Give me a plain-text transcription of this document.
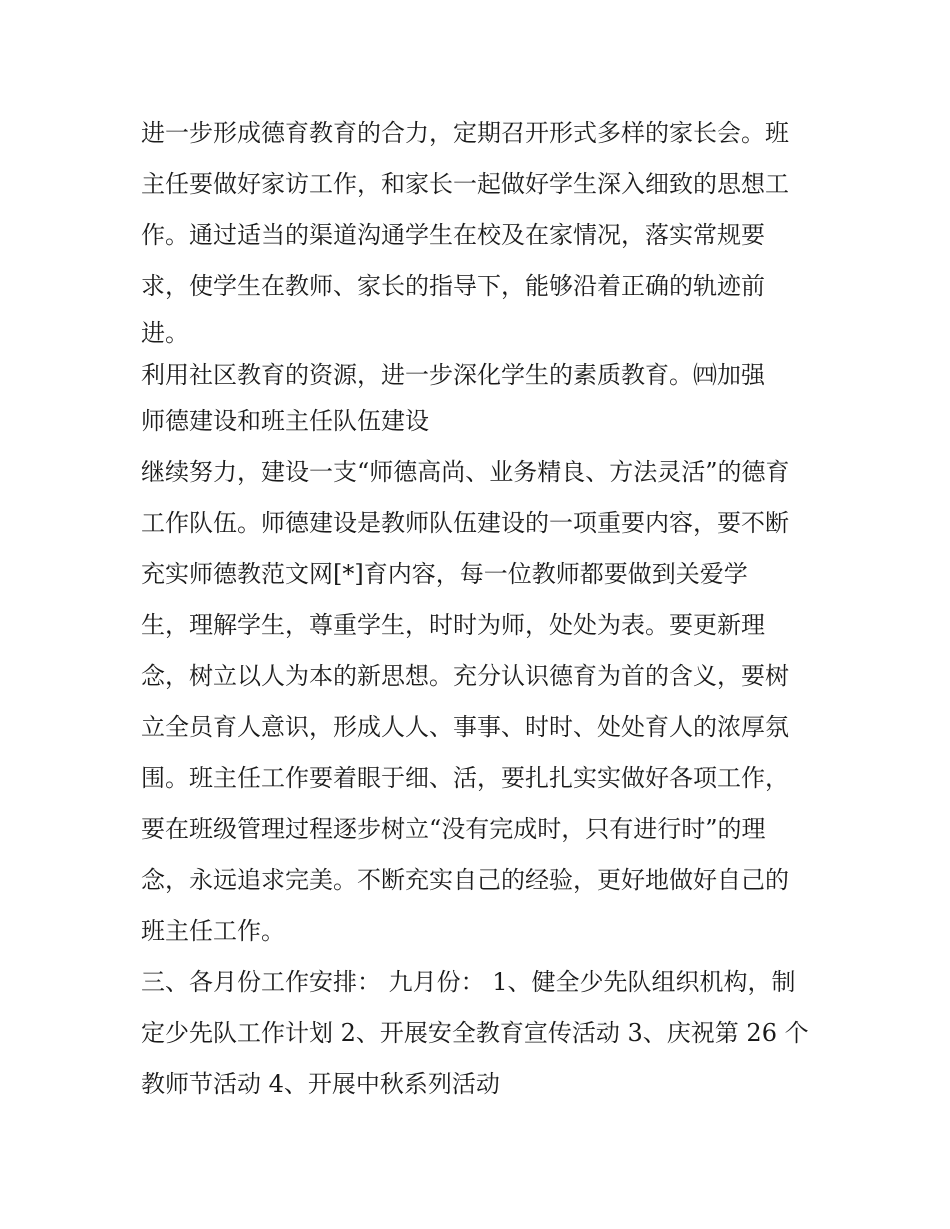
进一步形成德育教育的合力，定期召开形式多样的家长会。班
主任要做好家访工作，和家长一起做好学生深入细致的思想工
作。通过适当的渠道沟通学生在校及在家情况，落实常规要
求，使学生在教师、家长的指导下，能够沿着正确的轨迹前
进。
利用社区教育的资源，进一步深化学生的素质教育。㈣加强
师德建设和班主任队伍建设
继续努力，建设一支“师德高尚、业务精良、方法灵活”的德育
工作队伍。师德建设是教师队伍建设的一项重要内容，要不断
充实师德教范文网[*]育内容，每一位教师都要做到关爱学
生，理解学生，尊重学生，时时为师，处处为表。要更新理
念，树立以人为本的新思想。充分认识德育为首的含义，要树
立全员育人意识，形成人人、事事、时时、处处育人的浓厚氛
围。班主任工作要着眼于细、活，要扎扎实实做好各项工作，
要在班级管理过程逐步树立“没有完成时，只有进行时”的理
念，永远追求完美。不断充实自己的经验，更好地做好自己的
班主任工作。
三、各月份工作安排： 九月份： 1、健全少先队组织机构，制
定少先队工作计划 2、开展安全教育宣传活动 3、庆祝第 26 个
教师节活动 4、开展中秋系列活动
